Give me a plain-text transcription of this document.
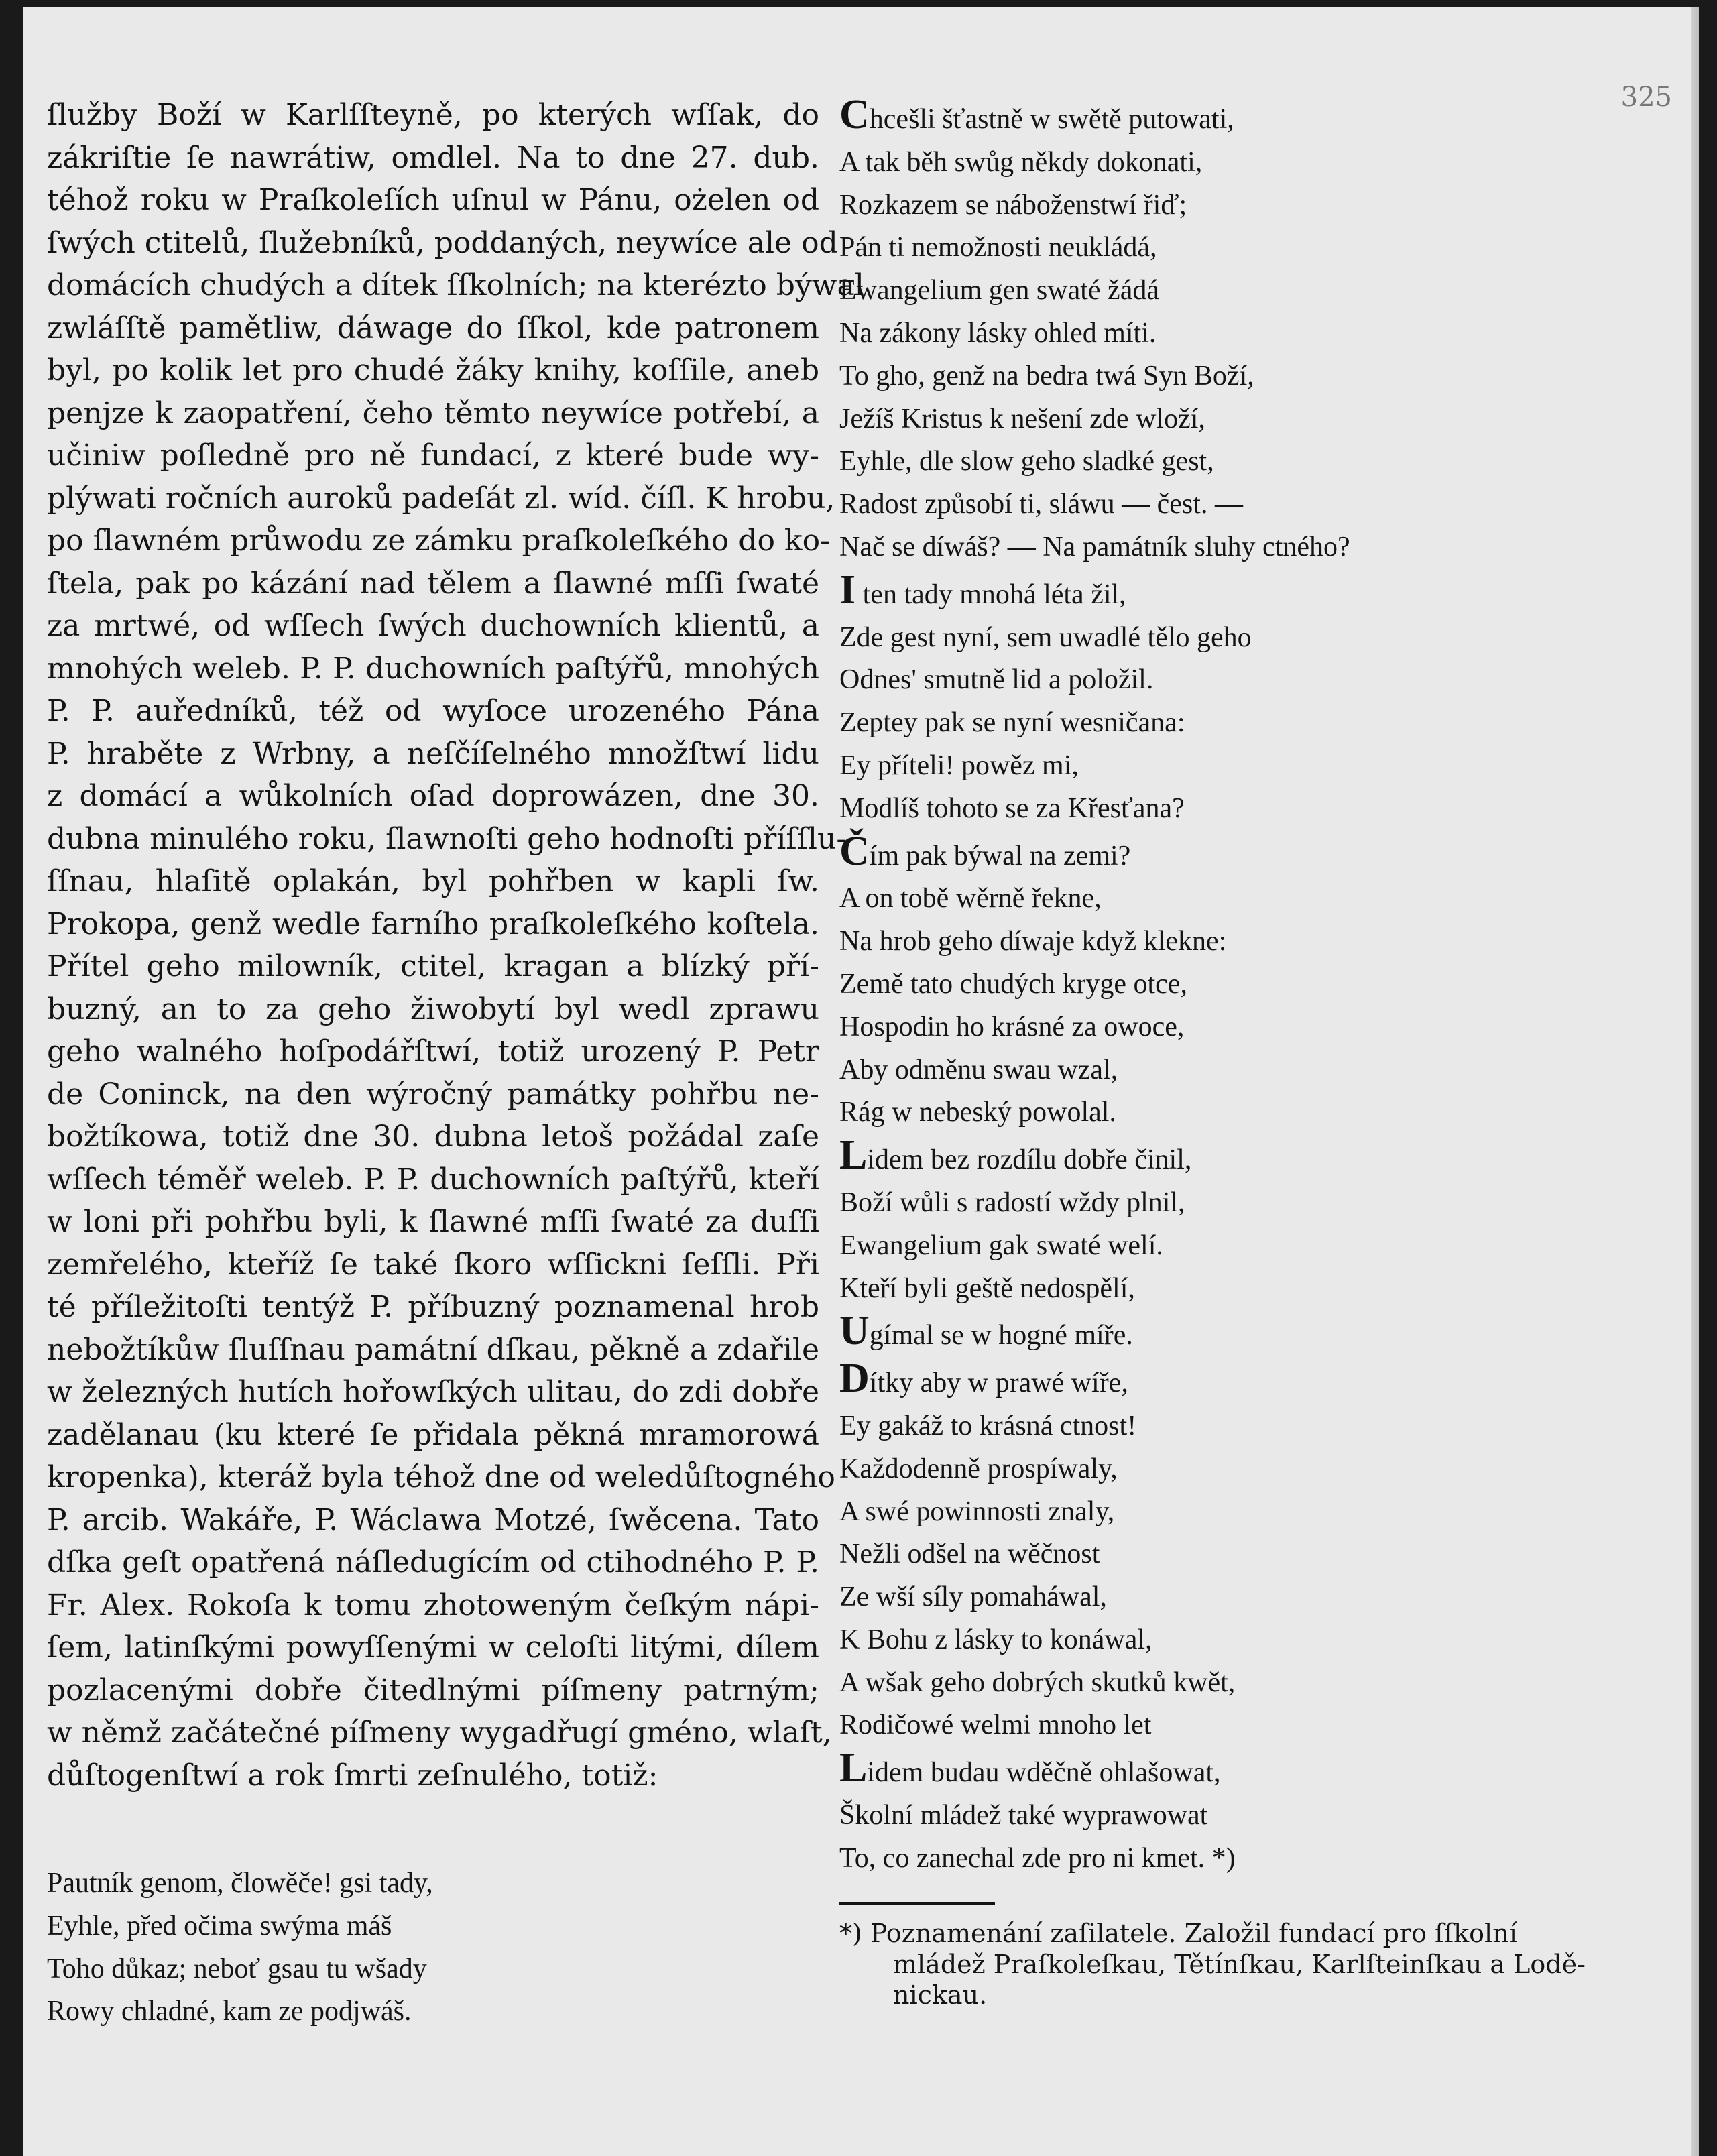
325

ſlužby Boží w Karlſſteyně, po kterých wſſak, do

zákriſtie ſe nawrátiw, omdlel. Na to dne 27. dub.

téhož roku w Praſkoleſích uſnul w Pánu, ożelen od

ſwých ctitelů, ſlužebníků, poddaných, neywíce ale od

domácích chudých a dítek ſſkolních; na kterézto býwal

zwláſſtě pamětliw, dáwage do ſſkol, kde patronem

byl, po kolik let pro chudé žáky knihy, koſſile, aneb

penjze k zaopatření, čeho těmto neywíce potřebí, a

učiniw poſledně pro ně fundací, z které bude wy-

plýwati ročních auroků padeſát zl. wíd. číſl. K hrobu,

po ſlawném průwodu ze zámku praſkoleſkého do ko-

ſtela, pak po kázání nad tělem a ſlawné mſſi ſwaté

za mrtwé, od wſſech ſwých duchowních klientů, a

mnohých weleb. P. P. duchowních paſtýřů, mnohých

P. P. auředníků, též od wyſoce urozeného Pána

P. hraběte z Wrbny, a neſčíſelného množſtwí lidu

z domácí a wůkolních oſad doprowázen, dne 30.

dubna minulého roku, ſlawnoſti geho hodnoſti příſſlu-

ſſnau, hlaſitě oplakán, byl pohřben w kapli ſw.

Prokopa, genž wedle farního praſkoleſkého koſtela.

Přítel geho milowník, ctitel, kragan a blízký pří-

buzný, an to za geho žiwobytí byl wedl zprawu

geho walného hoſpodářſtwí, totiž urozený P. Petr

de Coninck, na den wýročný památky pohřbu ne-

božtíkowa, totiž dne 30. dubna letoš požádal zaſe

wſſech téměř weleb. P. P. duchowních paſtýřů, kteří

w loni při pohřbu byli, k ſlawné mſſi ſwaté za duſſi

zemřelého, kteříž ſe také ſkoro wſſickni ſeſſli. Při

té příležitoſti tentýž P. příbuzný poznamenal hrob

nebožtíkůw ſluſſnau památní dſkau, pěkně a zdařile

w železných hutích hořowſkých ulitau, do zdi dobře

zadělanau (ku které ſe přidala pěkná mramorowá

kropenka), kteráž byla téhož dne od weledůſtogného

P. arcib. Wakáře, P. Wáclawa Motzé, ſwěcena. Tato

dſka geſt opatřená náſledugícím od ctihodného P. P.

Fr. Alex. Rokoſa k tomu zhotoweným čeſkým nápi-

ſem, latinſkými powyſſenými w celoſti litými, dílem

pozlacenými dobře čitedlnými píſmeny patrným;

w němž začátečné píſmeny wygadřugí gméno, wlaſt,

důſtogenſtwí a rok ſmrti zeſnulého, totiž:

Pautník genom, člowěče! gsi tady,

Eyhle, před očima swýma máš

Toho důkaz; neboť gsau tu wšady

Rowy chladné, kam ze podjwáš.

Chcešli šťastně w swětě putowati,

A tak běh swůg někdy dokonati,

Rozkazem se náboženstwí řiď;

Pán ti nemožnosti neukládá,

Ewangelium gen swaté žádá

Na zákony lásky ohled míti.

To gho, genž na bedra twá Syn Boží,

Ježíš Kristus k nešení zde wloží,

Eyhle, dle slow geho sladké gest,

Radost způsobí ti, sláwu — čest. —

Nač se díwáš? — Na památník sluhy ctného?

I ten tady mnohá léta žil,

Zde gest nyní, sem uwadlé tělo geho

Odnes' smutně lid a položil.

Zeptey pak se nyní wesničana:

Ey příteli! powěz mi,

Modlíš tohoto se za Křesťana?

Čím pak býwal na zemi?

A on tobě wěrně řekne,

Na hrob geho díwaje když klekne:

Země tato chudých kryge otce,

Hospodin ho krásné za owoce,

Aby odměnu swau wzal,

Rág w nebeský powolal.

Lidem bez rozdílu dobře činil,

Boží wůli s radostí wždy plnil,

Ewangelium gak swaté welí.

Kteří byli geště nedospělí,

Ugímal se w hogné míře.

Dítky aby w prawé wíře,

Ey gakáž to krásná ctnost!

Každodenně prospíwaly,

A swé powinnosti znaly,

Nežli odšel na wěčnost

Ze wší síly pomaháwal,

K Bohu z lásky to konáwal,

A wšak geho dobrých skutků kwět,

Rodičowé welmi mnoho let

Lidem budau wděčně ohlašowat,

Školní mládež také wyprawowat

To, co zanechal zde pro ni kmet. *)

*) Poznamenání zaſilatele. Založil fundací pro ſſkolní

mládež Praſkoleſkau, Tětínſkau, Karlſteinſkau a Lodě-

nickau.
